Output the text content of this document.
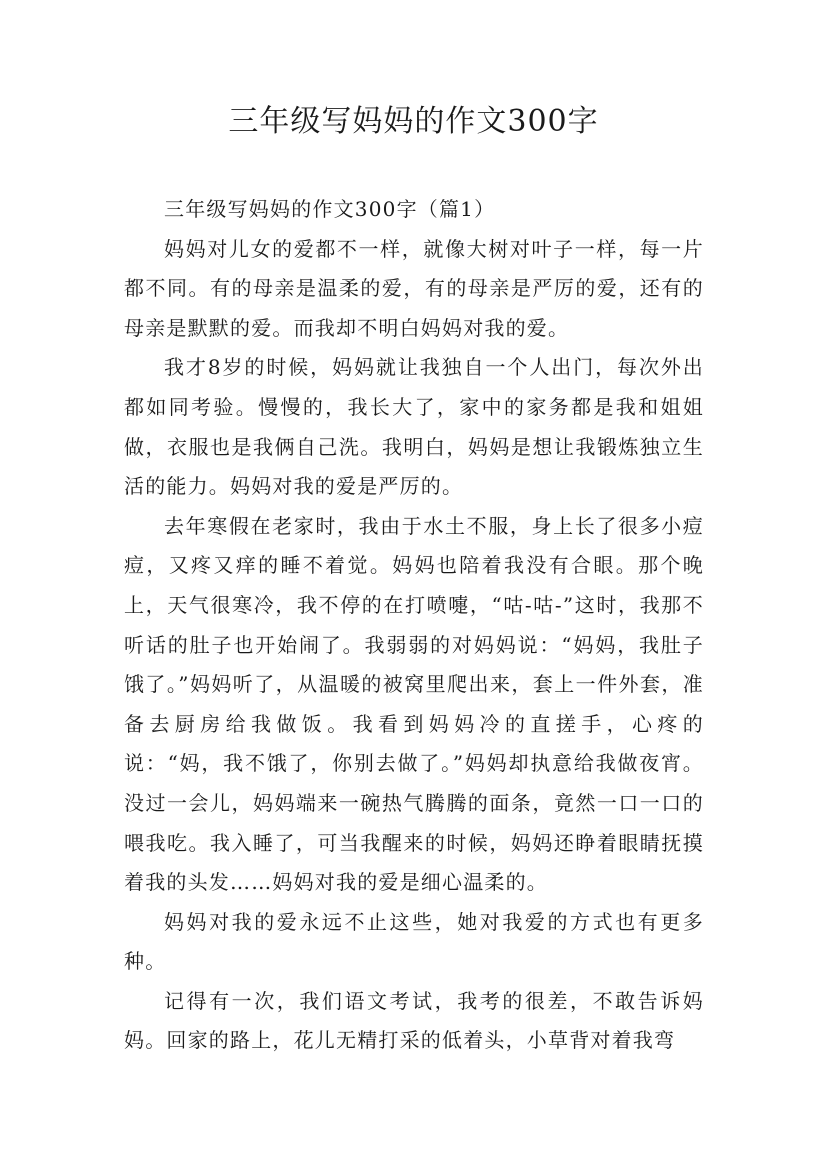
三年级写妈妈的作文300字

三年级写妈妈的作文300字（篇1）

妈妈对儿女的爱都不一样，就像大树对叶子一样，每一片都不同。有的母亲是温柔的爱，有的母亲是严厉的爱，还有的母亲是默默的爱。而我却不明白妈妈对我的爱。

我才8岁的时候，妈妈就让我独自一个人出门，每次外出都如同考验。慢慢的，我长大了，家中的家务都是我和姐姐做，衣服也是我俩自己洗。我明白，妈妈是想让我锻炼独立生活的能力。妈妈对我的爱是严厉的。

去年寒假在老家时，我由于水土不服，身上长了很多小痘痘，又疼又痒的睡不着觉。妈妈也陪着我没有合眼。那个晚上，天气很寒冷，我不停的在打喷嚏，“咕-咕-”这时，我那不听话的肚子也开始闹了。我弱弱的对妈妈说：“妈妈，我肚子饿了。”妈妈听了，从温暖的被窝里爬出来，套上一件外套，准备去厨房给我做饭。我看到妈妈冷的直搓手，心疼的说：“妈，我不饿了，你别去做了。”妈妈却执意给我做夜宵。没过一会儿，妈妈端来一碗热气腾腾的面条，竟然一口一口的喂我吃。我入睡了，可当我醒来的时候，妈妈还睁着眼睛抚摸着我的头发……妈妈对我的爱是细心温柔的。

妈妈对我的爱永远不止这些，她对我爱的方式也有更多种。

记得有一次，我们语文考试，我考的很差，不敢告诉妈妈。回家的路上，花儿无精打采的低着头，小草背对着我弯
